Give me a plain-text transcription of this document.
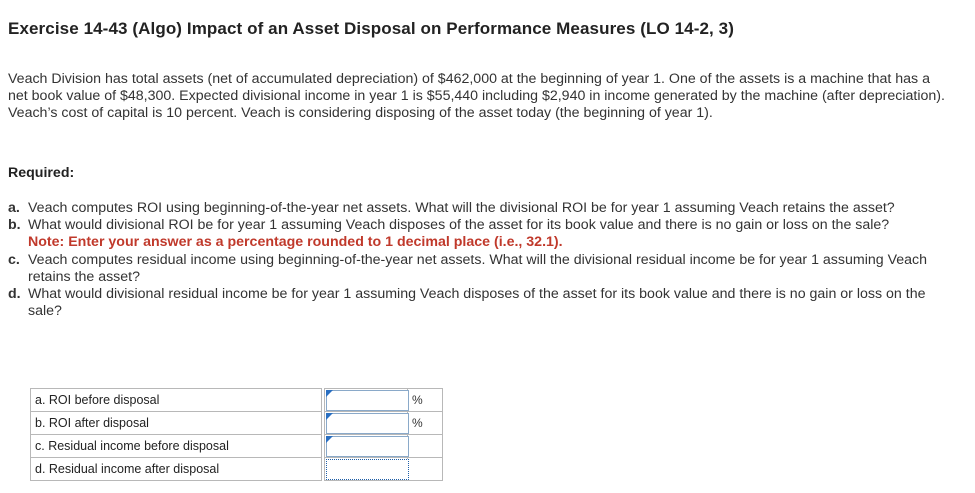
Exercise 14-43 (Algo) Impact of an Asset Disposal on Performance Measures (LO 14-2, 3)
Veach Division has total assets (net of accumulated depreciation) of $462,000 at the beginning of year 1. One of the assets is a machine that has a net book value of $48,300. Expected divisional income in year 1 is $55,440 including $2,940 in income generated by the machine (after depreciation). Veach’s cost of capital is 10 percent. Veach is considering disposing of the asset today (the beginning of year 1).
Required:
a. Veach computes ROI using beginning-of-the-year net assets. What will the divisional ROI be for year 1 assuming Veach retains the asset?
b. What would divisional ROI be for year 1 assuming Veach disposes of the asset for its book value and there is no gain or loss on the sale?
Note: Enter your answer as a percentage rounded to 1 decimal place (i.e., 32.1).
c. Veach computes residual income using beginning-of-the-year net assets. What will the divisional residual income be for year 1 assuming Veach retains the asset?
d. What would divisional residual income be for year 1 assuming Veach disposes of the asset for its book value and there is no gain or loss on the sale?
a. ROI before disposal			%
b. ROI after disposal			%
c. Residual income before disposal		

d. Residual income after disposal		
